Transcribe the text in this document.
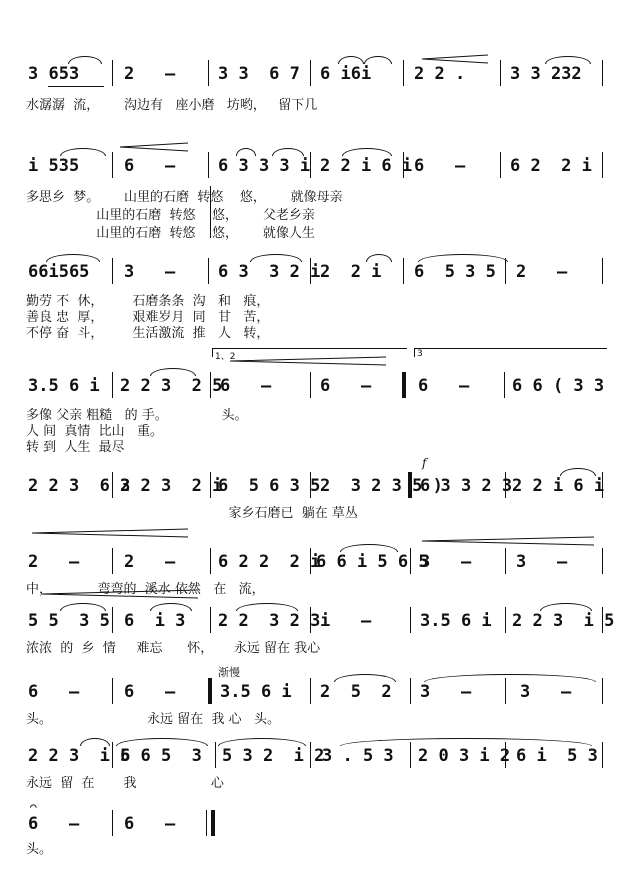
3 653	2   –	3 3  6 7 6 i6i	2 2 .	3 3 232
水潺潺  流，      沟边有   座小磨   坊哟，   留下几
i 535	6   –	6 3 3 3 i 2 2 i 6 i 6   –	6 2  2 i
多思乡  梦。      山里的石磨  转悠    悠，      就像母亲
山里的石磨  转悠    悠，      父老乡亲
山里的石磨  转悠    悠，      就像人生
66i565 3   –	6 3  3 2 i 2  2 i 6  5 3 5 2   –
勤劳 不  休，       石磨条条  沟   和   痕，
善良 忠  厚，       艰难岁月  同   甘   苦，
不停 奋  斗，       生活激流  推   人   转，
1、2	3
3.5 6 i 2 2 3  2 5
6   –	6   –	6   –	6 6 ( 3 3
多像 父亲 粗糙   的 手。             头。
人 间  真情  比山   重。
转 到  人生  最尽
f
2 2 3  6 3
2 2 3  2 i
6  5 6 3 5 2  3 2 3 5 )
6 3 3 2 3 2 2 i 6 i
家乡石磨已  躺在 草丛
2   –	2   –	6 2 2  2 i
6 6 i 5 6 5
3   –	3   –
中，           弯弯的  溪水 依然   在   流，
5 5  3 5 6  i 3 2 2  3 2 3 i   –	3.5 6 i 2 2 3  i 5
浓浓  的  乡  情     难忘      怀，     永远 留在 我心
渐慢
6   –	6   –	3.5 6 i 2  5  2 3   –	3   –
头。                       永远 留在  我 心   头。
2 2 3  i 6
5 6 5  3 5 3 2  i 2
3 . 5 3 2 0 3 i 2 6 i  5 3
永远  留  在       我                  心
⌒
6   –	6   –
头。
